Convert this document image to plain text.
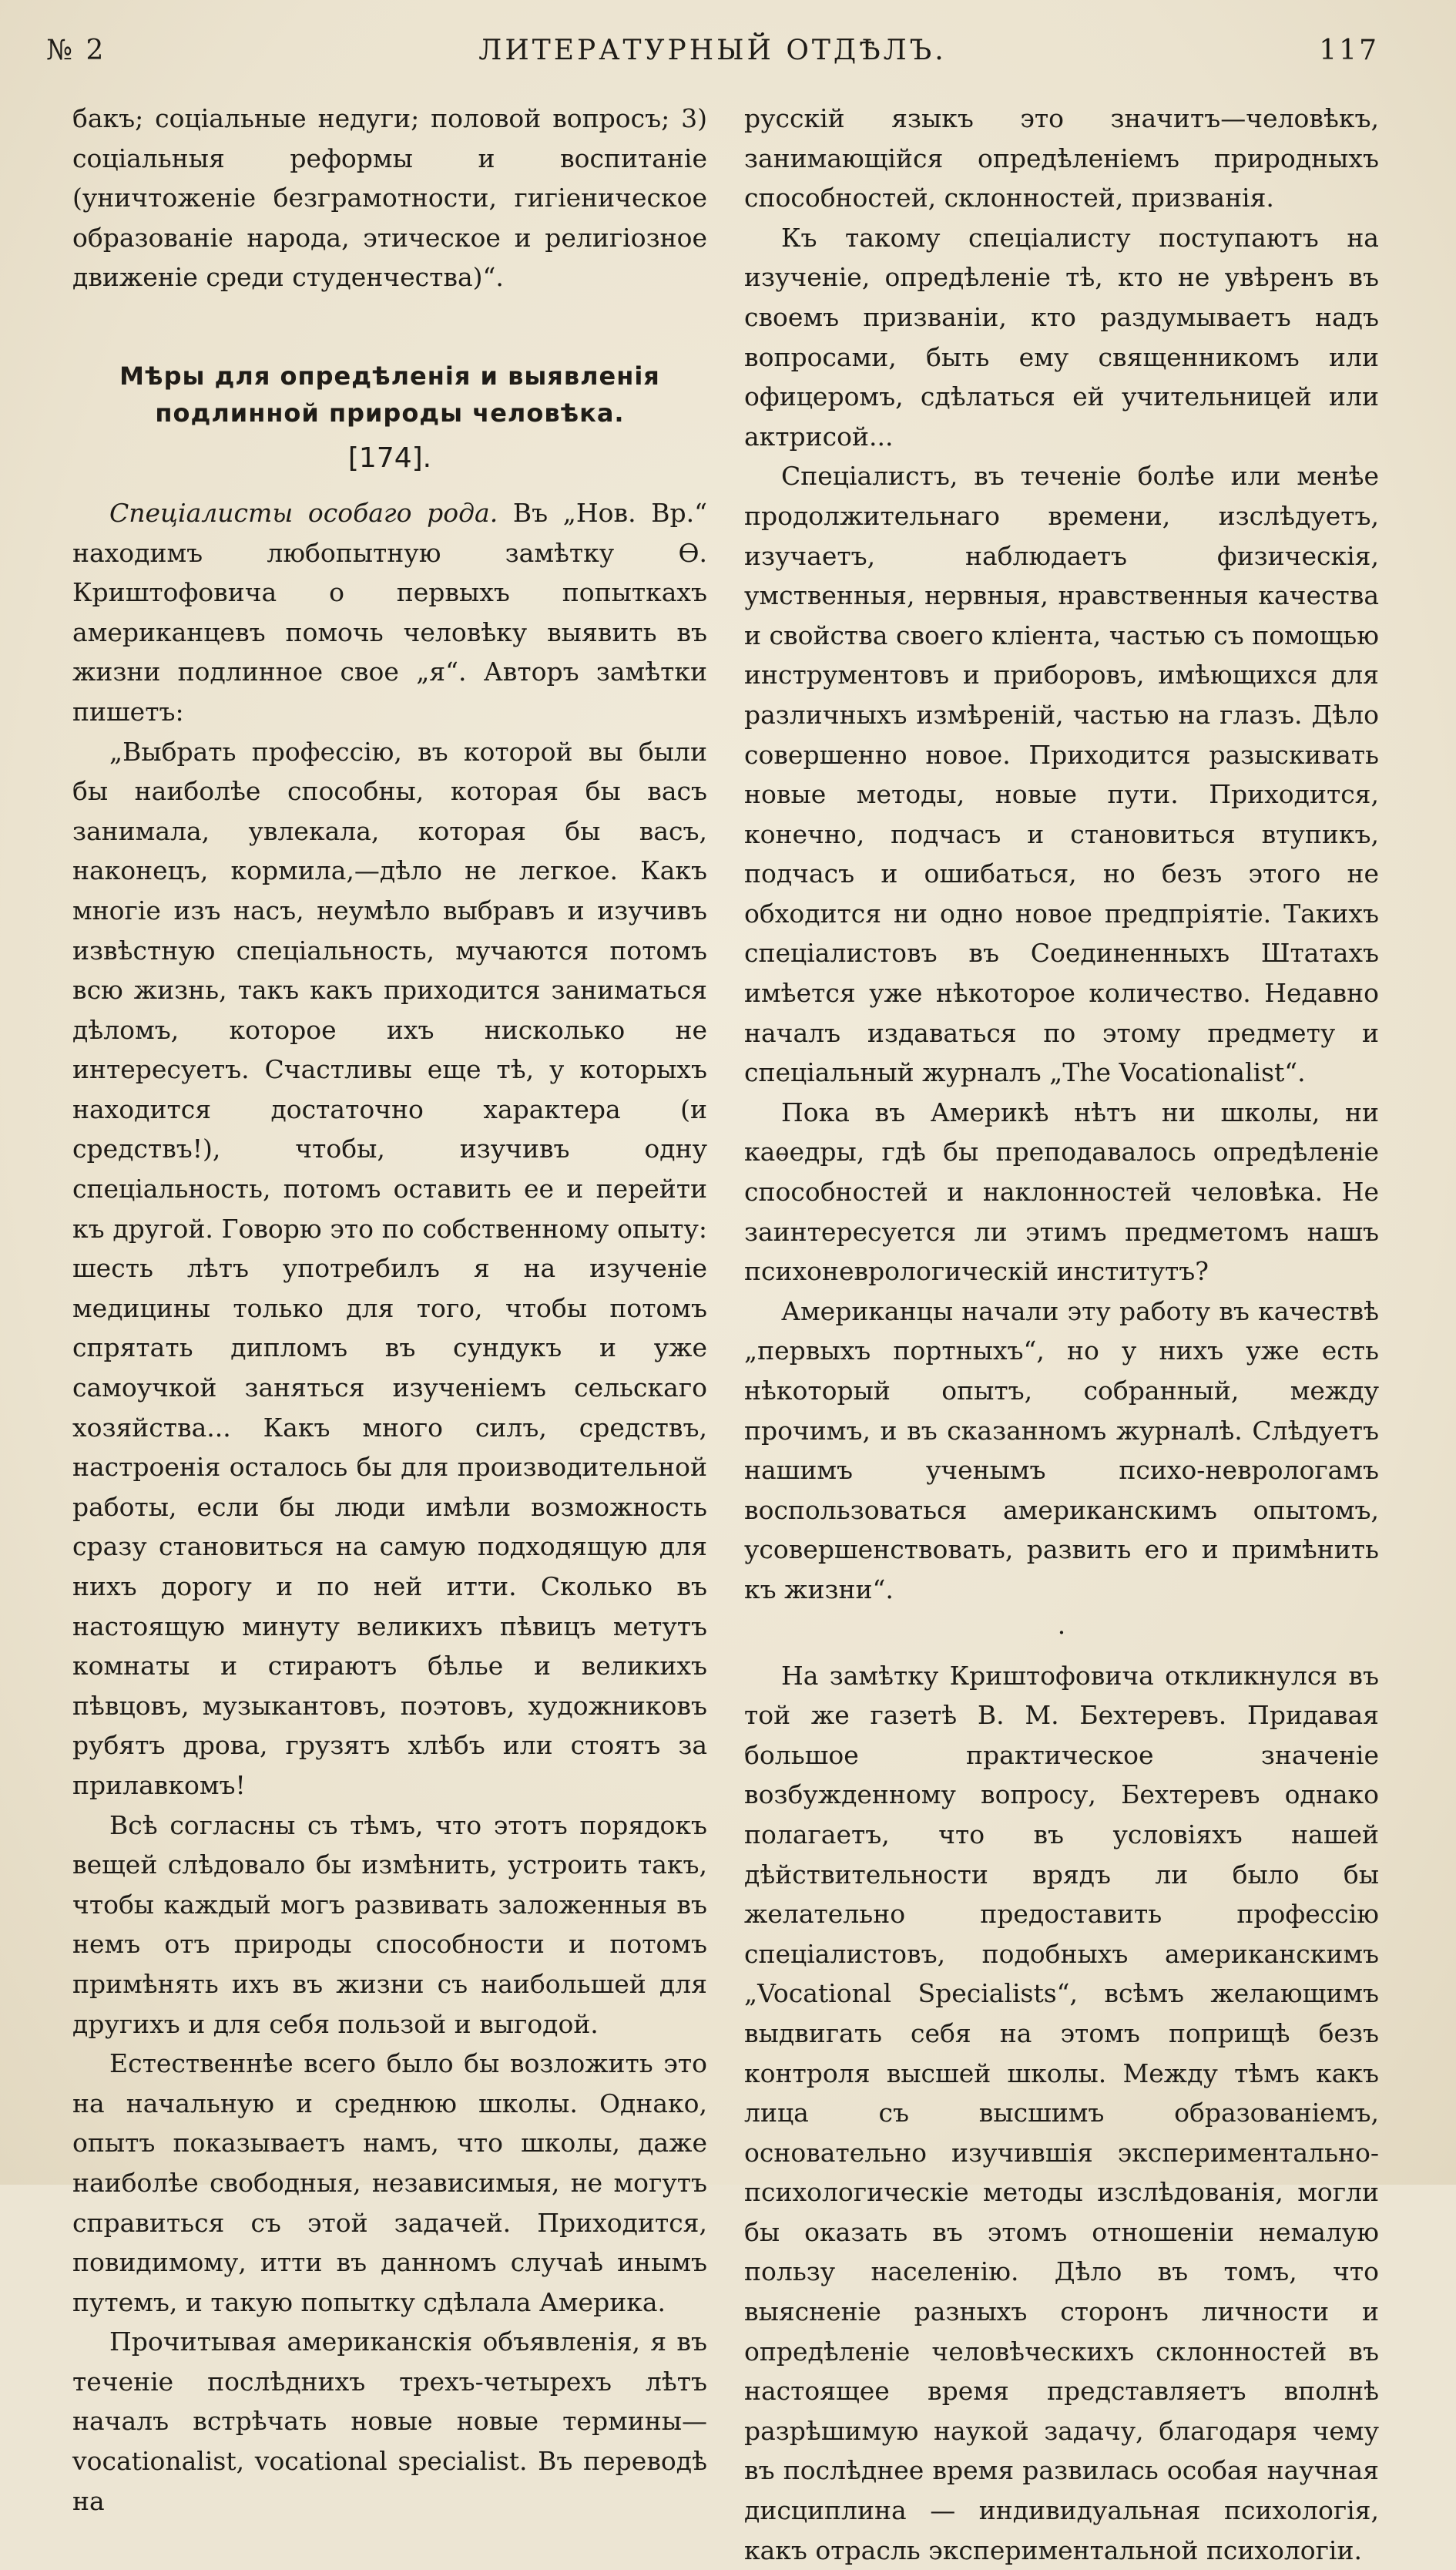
№ 2	ЛИТЕРАТУРНЫЙ ОТДѢЛЪ.	117

бакъ; соціальные недуги; половой вопросъ; 3) соціальныя реформы и воспитаніе (уничтоженіе безграмотности, гигіеническое образованіе народа, этическое и религіозное движеніе среди студенчества)“.

Мѣры для опредѣленія и выявленія подлинной природы человѣка.
[174].

Спеціалисты особаго рода. Въ „Нов. Вр.“ находимъ любопытную замѣтку Ѳ. Криштофовича о первыхъ попыткахъ американцевъ помочь человѣку выявить въ жизни подлинное свое „я“. Авторъ замѣтки пишетъ:

„Выбрать профессію, въ которой вы были бы наиболѣе способны, которая бы васъ занимала, увлекала, которая бы васъ, наконецъ, кормила,—дѣло не легкое. Какъ многіе изъ насъ, неумѣло выбравъ и изучивъ извѣстную спеціальность, мучаются потомъ всю жизнь, такъ какъ приходится заниматься дѣломъ, которое ихъ нисколько не интересуетъ. Счастливы еще тѣ, у которыхъ находится достаточно характера (и средствъ!), чтобы, изучивъ одну спеціальность, потомъ оставить ее и перейти къ другой. Говорю это по собственному опыту: шесть лѣтъ употребилъ я на изученіе медицины только для того, чтобы потомъ спрятать дипломъ въ сундукъ и уже самоучкой заняться изученіемъ сельскаго хозяйства... Какъ много силъ, средствъ, настроенія осталось бы для производительной работы, если бы люди имѣли возможность сразу становиться на самую подходящую для нихъ дорогу и по ней итти. Сколько въ настоящую минуту великихъ пѣвицъ метутъ комнаты и стираютъ бѣлье и великихъ пѣвцовъ, музыкантовъ, поэтовъ, художниковъ рубятъ дрова, грузятъ хлѣбъ или стоятъ за прилавкомъ!

Всѣ согласны съ тѣмъ, что этотъ порядокъ вещей слѣдовало бы измѣнить, устроить такъ, чтобы каждый могъ развивать заложенныя въ немъ отъ природы способности и потомъ примѣнять ихъ въ жизни съ наибольшей для другихъ и для себя пользой и выгодой.

Естественнѣе всего было бы возложить это на начальную и среднюю школы. Однако, опытъ показываетъ намъ, что школы, даже наиболѣе свободныя, независимыя, не могутъ справиться съ этой задачей. Приходится, повидимому, итти въ данномъ случаѣ инымъ путемъ, и такую попытку сдѣлала Америка.

Прочитывая американскія объявленія, я въ теченіе послѣднихъ трехъ-четырехъ лѣтъ началъ встрѣчать новые новые термины—vocationalist, vocational specialist. Въ переводѣ на

русскій языкъ это значитъ—человѣкъ, занимающійся опредѣленіемъ природныхъ способностей, склонностей, призванія.

Къ такому спеціалисту поступаютъ на изученіе, опредѣленіе тѣ, кто не увѣренъ въ своемъ призваніи, кто раздумываетъ надъ вопросами, быть ему священникомъ или офицеромъ, сдѣлаться ей учительницей или актрисой...

Спеціалистъ, въ теченіе болѣе или менѣе продолжительнаго времени, изслѣдуетъ, изучаетъ, наблюдаетъ физическія, умственныя, нервныя, нравственныя качества и свойства своего кліента, частью съ помощью инструментовъ и приборовъ, имѣющихся для различныхъ измѣреній, частью на глазъ. Дѣло совершенно новое. Приходится разыскивать новые методы, новые пути. Приходится, конечно, подчасъ и становиться втупикъ, подчасъ и ошибаться, но безъ этого не обходится ни одно новое предпріятіе. Такихъ спеціалистовъ въ Соединенныхъ Штатахъ имѣется уже нѣкоторое количество. Недавно началъ издаваться по этому предмету и спеціальный журналъ „The Vocationalist“.

Пока въ Америкѣ нѣтъ ни школы, ни каѳедры, гдѣ бы преподавалось опредѣленіе способностей и наклонностей человѣка. Не заинтересуется ли этимъ предметомъ нашъ психоневрологическій институтъ?

Американцы начали эту работу въ качествѣ „первыхъ портныхъ“, но у нихъ уже есть нѣкоторый опытъ, собранный, между прочимъ, и въ сказанномъ журналѣ. Слѣдуетъ нашимъ ученымъ психо-неврологамъ воспользоваться американскимъ опытомъ, усовершенствовать, развить его и примѣнить къ жизни“.

·

На замѣтку Криштофовича откликнулся въ той же газетѣ В. М. Бехтеревъ. Придавая большое практическое значеніе возбужденному вопросу, Бехтеревъ однако полагаетъ, что въ условіяхъ нашей дѣйствительности врядъ ли было бы желательно предоставить профессію спеціалистовъ, подобныхъ американскимъ „Vocational Specialists“, всѣмъ желающимъ выдвигать себя на этомъ поприщѣ безъ контроля высшей школы. Между тѣмъ какъ лица съ высшимъ образованіемъ, основательно изучившія экспериментально-психологическіе методы изслѣдованія, могли бы оказать въ этомъ отношеніи немалую пользу населенію. Дѣло въ томъ, что выясненіе разныхъ сторонъ личности и опредѣленіе человѣческихъ склонностей въ настоящее время представляетъ вполнѣ разрѣшимую наукой задачу, благодаря чему въ послѣднее время развилась особая научная дисциплина — индивидуальная психологія, какъ отрасль экспериментальной психологіи.
